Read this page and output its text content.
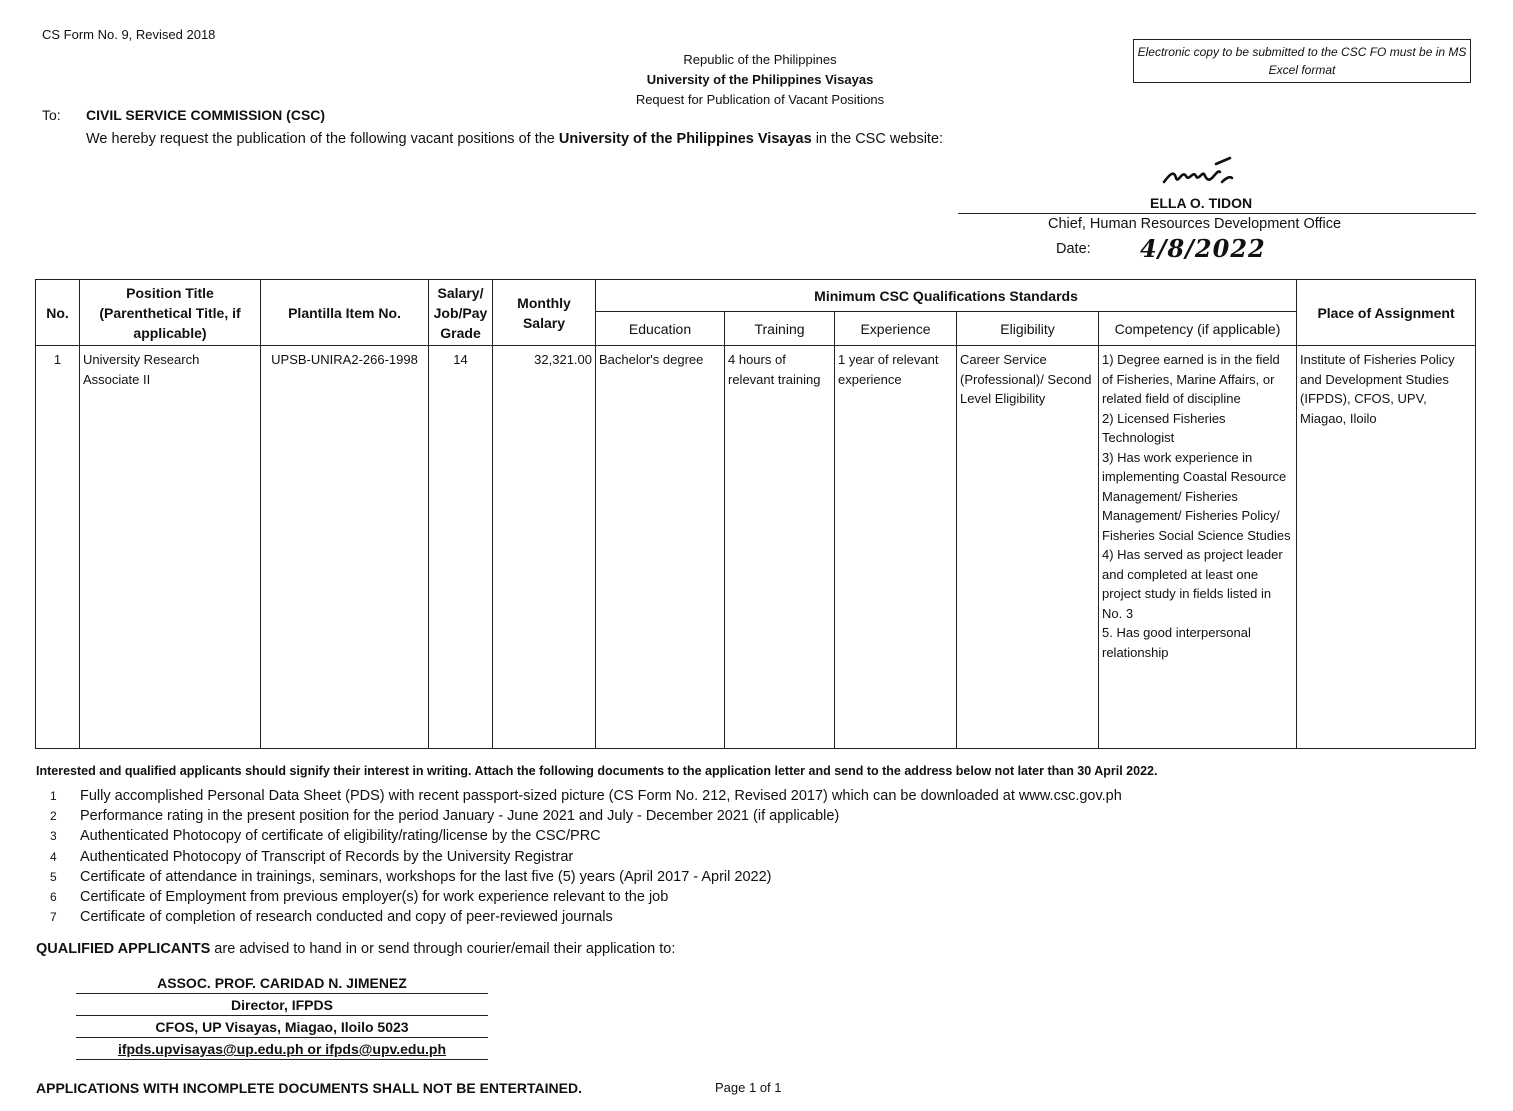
CS Form No. 9, Revised 2018
Republic of the Philippines
University of the Philippines Visayas
Request for Publication of Vacant Positions
Electronic copy to be submitted to the CSC FO must be in MS Excel format
To: CIVIL SERVICE COMMISSION (CSC)
We hereby request the publication of the following vacant positions of the University of the Philippines Visayas in the CSC website:
ELLA O. TIDON
Chief, Human Resources Development Office
Date: 4/8/2022
No.	Position Title (Parenthetical Title, if applicable)	Plantilla Item No.	Salary/ Job/Pay Grade	Monthly Salary	Minimum CSC Qualifications Standards					Place of Assignment
					Education	Training	Experience	Eligibility	Competency (if applicable)	
1	University Research Associate II	UPSB-UNIRA2-266-1998	14	32,321.00	Bachelor's degree	4 hours of relevant training	1 year of relevant experience	Career Service (Professional)/ Second Level Eligibility	1) Degree earned is in the field of Fisheries, Marine Affairs, or related field of discipline
2) Licensed Fisheries Technologist
3) Has work experience in implementing Coastal Resource Management/ Fisheries Management/ Fisheries Policy/ Fisheries Social Science Studies
4) Has served as project leader and completed at least one project study in fields listed in No. 3
5. Has good interpersonal relationship	Institute of Fisheries Policy and Development Studies (IFPDS), CFOS, UPV, Miagao, Iloilo
Interested and qualified applicants should signify their interest in writing. Attach the following documents to the application letter and send to the address below not later than 30 April 2022.
1 Fully accomplished Personal Data Sheet (PDS) with recent passport-sized picture (CS Form No. 212, Revised 2017) which can be downloaded at www.csc.gov.ph
2 Performance rating in the present position for the period January - June 2021 and July - December 2021 (if applicable)
3 Authenticated Photocopy of certificate of eligibility/rating/license by the CSC/PRC
4 Authenticated Photocopy of Transcript of Records by the University Registrar
5 Certificate of attendance in trainings, seminars, workshops for the last five (5) years (April 2017 - April 2022)
6 Certificate of Employment from previous employer(s) for work experience relevant to the job
7 Certificate of completion of research conducted and copy of peer-reviewed journals
QUALIFIED APPLICANTS are advised to hand in or send through courier/email their application to:
ASSOC. PROF. CARIDAD N. JIMENEZ
Director, IFPDS
CFOS, UP Visayas, Miagao, Iloilo 5023
ifpds.upvisayas@up.edu.ph or ifpds@upv.edu.ph
APPLICATIONS WITH INCOMPLETE DOCUMENTS SHALL NOT BE ENTERTAINED.	Page 1 of 1
